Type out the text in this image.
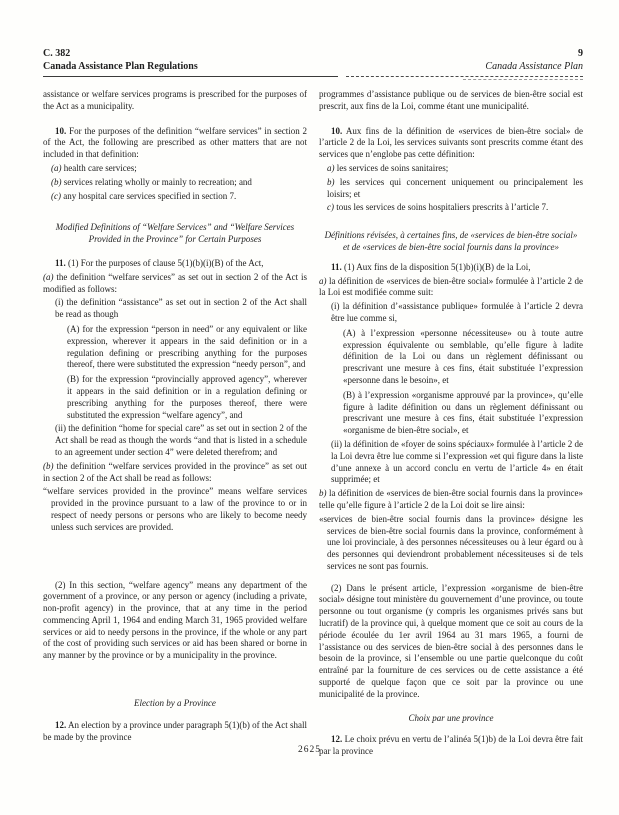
C. 382
Canada Assistance Plan Regulations
9
Canada Assistance Plan

assistance or welfare services programs is prescribed for the purposes of the Act as a municipality.

10. For the purposes of the definition “welfare services” in section 2 of the Act, the following are prescribed as other matters that are not included in that definition:

(a) health care services;

(b) services relating wholly or mainly to recreation; and

(c) any hospital care services specified in section 7.

Modified Definitions of “Welfare Services” and “Welfare Services Provided in the Province” for Certain Purposes

11. (1) For the purposes of clause 5(1)(b)(i)(B) of the Act,

(a) the definition “welfare services” as set out in section 2 of the Act is modified as follows:

(i) the definition “assistance” as set out in section 2 of the Act shall be read as though

(A) for the expression “person in need” or any equivalent or like expression, wherever it appears in the said definition or in a regulation defining or prescribing anything for the purposes thereof, there were substituted the expression “needy person”, and

(B) for the expression “provincially approved agency”, wherever it appears in the said definition or in a regulation defining or prescribing anything for the purposes thereof, there were substituted the expression “welfare agency”, and

(ii) the definition “home for special care” as set out in section 2 of the Act shall be read as though the words “and that is listed in a schedule to an agreement under section 4” were deleted therefrom; and

(b) the definition “welfare services provided in the province” as set out in section 2 of the Act shall be read as follows:

“welfare services provided in the province” means welfare services provided in the province pursuant to a law of the province to or in respect of needy persons or persons who are likely to become needy unless such services are provided.

(2) In this section, “welfare agency” means any department of the government of a province, or any person or agency (including a private, non-profit agency) in the province, that at any time in the period commencing April 1, 1964 and ending March 31, 1965 provided welfare services or aid to needy persons in the province, if the whole or any part of the cost of providing such services or aid has been shared or borne in any manner by the province or by a municipality in the province.

Election by a Province

12. An election by a province under paragraph 5(1)(b) of the Act shall be made by the province

programmes d’assistance publique ou de services de bien-être social est prescrit, aux fins de la Loi, comme étant une municipalité.

10. Aux fins de la définition de «services de bien-être social» de l’article 2 de la Loi, les services suivants sont prescrits comme étant des services que n’englobe pas cette définition:

a) les services de soins sanitaires;

b) les services qui concernent uniquement ou principalement les loisirs; et

c) tous les services de soins hospitaliers prescrits à l’article 7.

Définitions révisées, à certaines fins, de «services de bien-être social» et de «services de bien-être social fournis dans la province»

11. (1) Aux fins de la disposition 5(1)b)(i)(B) de la Loi,

a) la définition de «services de bien-être social» formulée à l’article 2 de la Loi est modifiée comme suit:

(i) la définition d’«assistance publique» formulée à l’article 2 devra être lue comme si,

(A) à l’expression «personne nécessiteuse» ou à toute autre expression équivalente ou semblable, qu’elle figure à ladite définition de la Loi ou dans un règlement définissant ou prescrivant une mesure à ces fins, était substituée l’expression «personne dans le besoin», et

(B) à l’expression «organisme approuvé par la province», qu’elle figure à ladite définition ou dans un règlement définissant ou prescrivant une mesure à ces fins, était substituée l’expression «organisme de bien-être social», et

(ii) la définition de «foyer de soins spéciaux» formulée à l’article 2 de la Loi devra être lue comme si l’expression «et qui figure dans la liste d’une annexe à un accord conclu en vertu de l’article 4» en était supprimée; et

b) la définition de «services de bien-être social fournis dans la province» telle qu’elle figure à l’article 2 de la Loi doit se lire ainsi:

«services de bien-être social fournis dans la province» désigne les services de bien-être social fournis dans la province, conformément à une loi provinciale, à des personnes nécessiteuses ou à leur égard ou à des personnes qui deviendront probablement nécessiteuses si de tels services ne sont pas fournis.

(2) Dans le présent article, l’expression «organisme de bien-être social» désigne tout ministère du gouvernement d’une province, ou toute personne ou tout organisme (y compris les organismes privés sans but lucratif) de la province qui, à quelque moment que ce soit au cours de la période écoulée du 1er avril 1964 au 31 mars 1965, a fourni de l’assistance ou des services de bien-être social à des personnes dans le besoin de la province, si l’ensemble ou une partie quelconque du coût entraîné par la fourniture de ces services ou de cette assistance a été supporté de quelque façon que ce soit par la province ou une municipalité de la province.

Choix par une province

12. Le choix prévu en vertu de l’alinéa 5(1)b) de la Loi devra être fait par la province

2625
